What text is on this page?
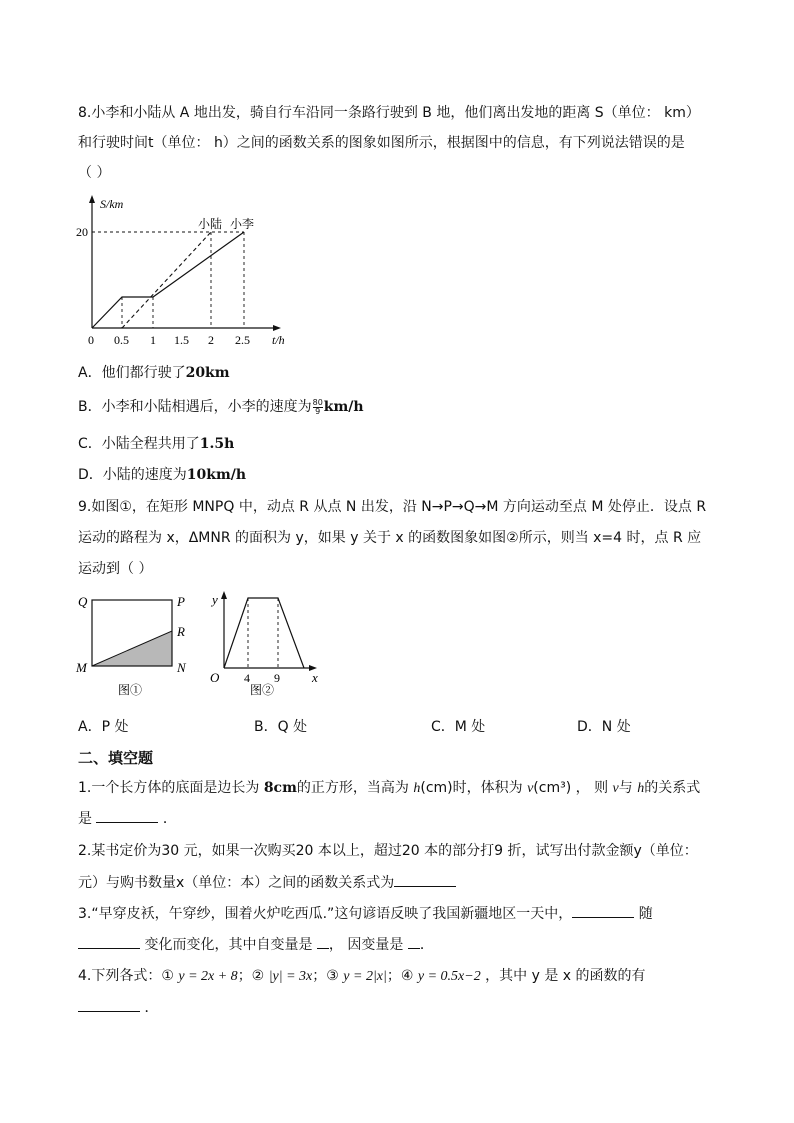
8.小李和小陆从 A 地出发，骑自行车沿同一条路行驶到 B 地，他们离出发地的距离 S（单位： km）
和行驶时间t（单位： h）之间的函数关系的图象如图所示，根据图中的信息，有下列说法错误的是
（ ）
S/km
20
小陆 小李
0 0.5 1 1.5 2 2.5 t/h
A．他们都行驶了20km
B．小李和小陆相遇后，小李的速度为 $\frac{80}{9} km/h$
C．小陆全程共用了1.5h
D．小陆的速度为10km/h
9.如图①，在矩形 MNPQ 中，动点 R 从点 N 出发，沿 N→P→Q→M 方向运动至点 M 处停止．设点 R
运动的路程为 x，ΔMNR 的面积为 y，如果 y 关于 x 的函数图象如图②所示，则当 x=4 时，点 R 应
运动到（ ）
Q	P
R
M	N
图①
y
O 4 9 x
图②
A．P 处	B．Q 处	C．M 处	D．N 处
二、填空题
1.一个长方体的底面是边长为 8cm的正方形，当高为 h(cm)时，体积为 v(cm³) ， 则 v与 h的关系式
是	．
2.某书定价为30 元，如果一次购买20 本以上，超过20 本的部分打9 折，试写出付款金额y（单位：
元）与购书数量x（单位：本）之间的函数关系式为
3.“早穿皮袄，午穿纱，围着火炉吃西瓜.”这句谚语反映了我国新疆地区一天中，	随
变化而变化，其中自变量是 ， 因变量是 ．
4.下列各式：① y = 2x + 8；② |y| = 3x；③ y = 2|x|；④ y = 0.5x−2 ，其中 y 是 x 的函数的有
．
